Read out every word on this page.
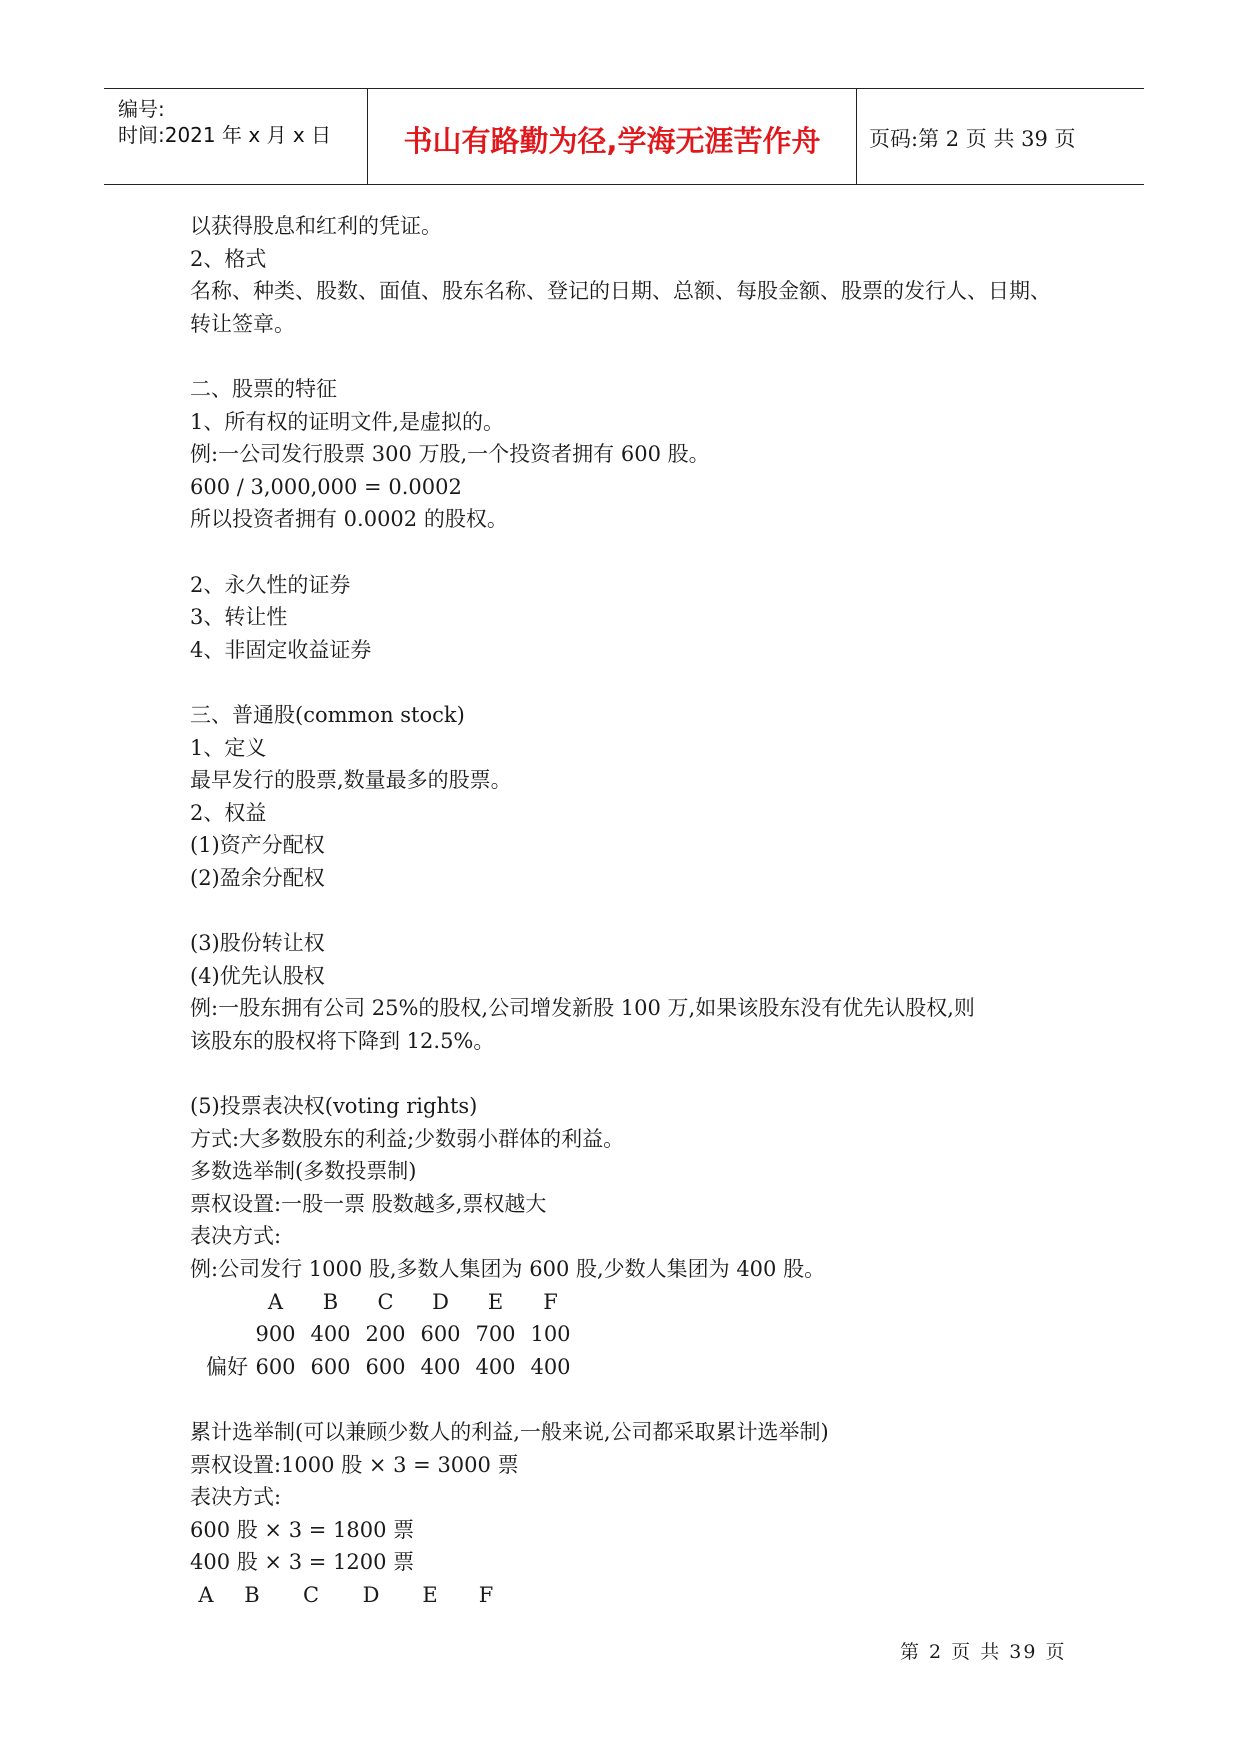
编号:
时间:2021 年 x 月 x 日	书山有路勤为径,学海无涯苦作舟	页码:第 2 页 共 39 页
以获得股息和红利的凭证。
2、格式
名称、种类、股数、面值、股东名称、登记的日期、总额、每股金额、股票的发行人、日期、
转让签章。
二、股票的特征
1、所有权的证明文件,是虚拟的。
例:一公司发行股票 300 万股,一个投资者拥有 600 股。
600 / 3,000,000 = 0.0002
所以投资者拥有 0.0002 的股权。
2、永久性的证券
3、转让性
4、非固定收益证券
三、普通股(common stock)
1、定义
最早发行的股票,数量最多的股票。
2、权益
(1)资产分配权
(2)盈余分配权
(3)股份转让权
(4)优先认股权
例:一股东拥有公司 25%的股权,公司增发新股 100 万,如果该股东没有优先认股权,则
该股东的股权将下降到 12.5%。
(5)投票表决权(voting rights)
方式:大多数股东的利益;少数弱小群体的利益。
多数选举制(多数投票制)
票权设置:一股一票 股数越多,票权越大
表决方式:
例:公司发行 1000 股,多数人集团为 600 股,少数人集团为 400 股。
	A	B	C	D	E	F
	900	400	200	600	700	100
偏好	600	600	600	400	400	400
累计选举制(可以兼顾少数人的利益,一般来说,公司都采取累计选举制)
票权设置:1000 股 × 3 = 3000 票
表决方式:
600 股 × 3 = 1800 票
400 股 × 3 = 1200 票
A	B	C	D	E	F
第 2 页 共 39 页
